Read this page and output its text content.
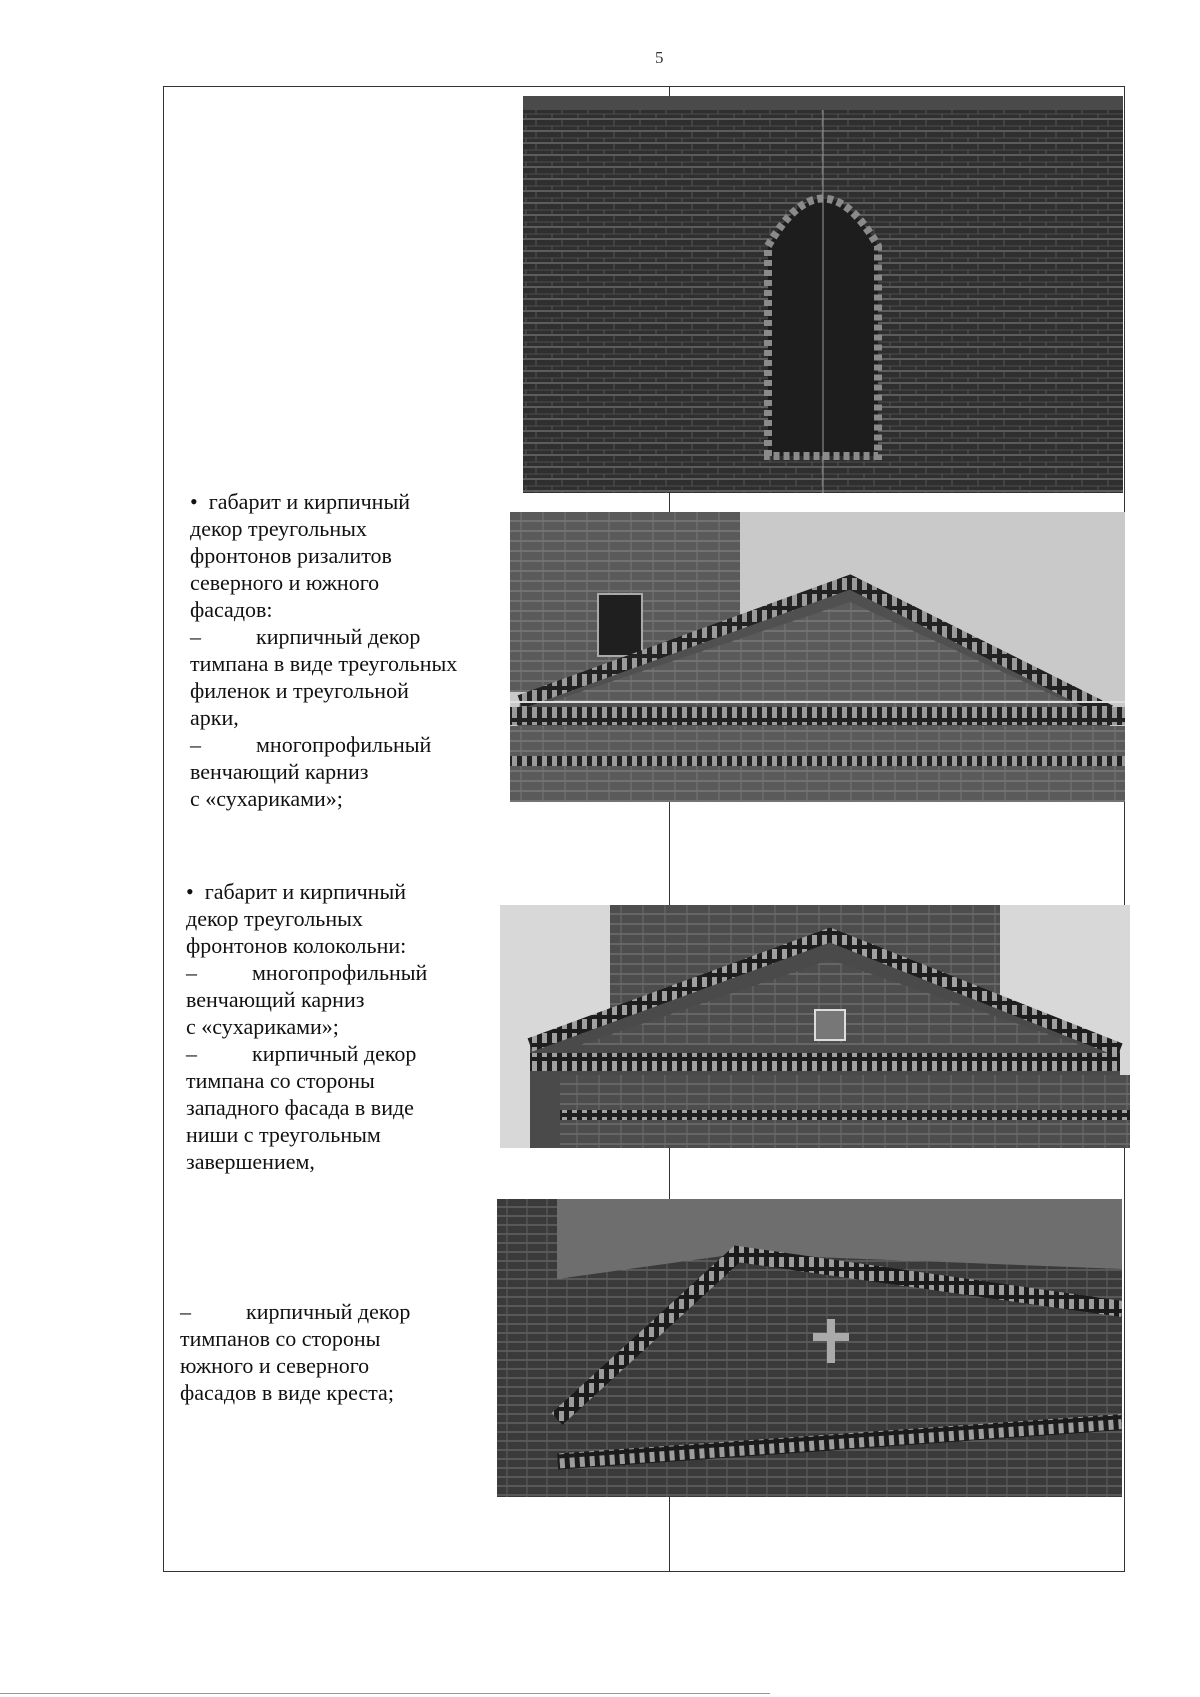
5
•  габарит и кирпичный
декор треугольных
фронтонов ризалитов
северного и южного
фасадов:
–          кирпичный декор
тимпана в виде треугольных
филенок и треугольной
арки,
–          многопрофильный
венчающий карниз
с «сухариками»;
•  габарит и кирпичный
декор треугольных
фронтонов колокольни:
–          многопрофильный
венчающий карниз
с «сухариками»;
–          кирпичный декор
тимпана со стороны
западного фасада в виде
ниши с треугольным
завершением,
–          кирпичный декор
тимпанов со стороны
южного и северного
фасадов в виде креста;
